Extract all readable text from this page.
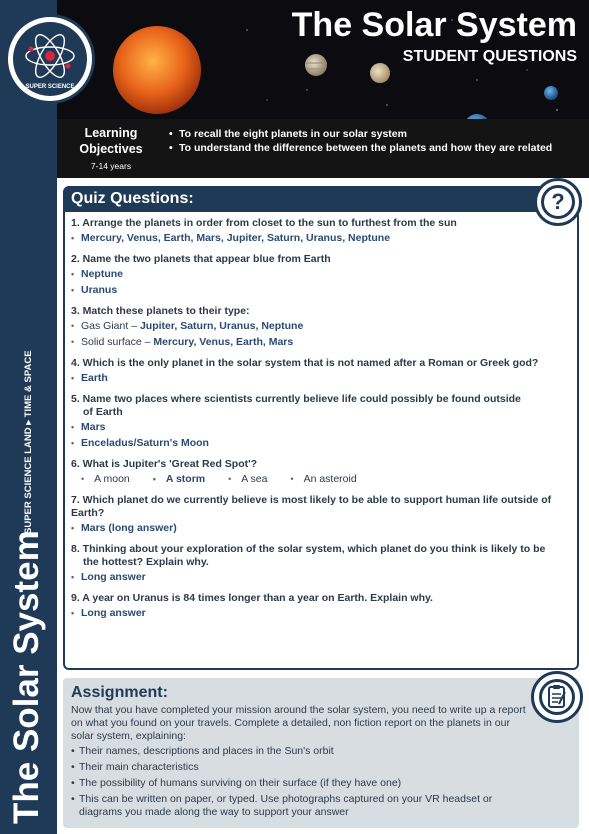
SUPER SCIENCE LAND ▸ TIME & SPACE
The Solar System
The Solar System
STUDENT QUESTIONS
SUPER SCIENCE
Learning
Objectives
7-14 years
• To recall the eight planets in our solar system
• To understand the difference between the planets and how they are related
Quiz Questions:
1. Arrange the planets in order from closet to the sun to furthest from the sun
• Mercury, Venus, Earth, Mars, Jupiter, Saturn, Uranus, Neptune
2. Name the two planets that appear blue from Earth
• Neptune
• Uranus
3. Match these planets to their type:
• Gas Giant – Jupiter, Saturn, Uranus, Neptune
• Solid surface – Mercury, Venus, Earth, Mars
4. Which is the only planet in the solar system that is not named after a Roman or Greek god?
• Earth
5. Name two places where scientists currently believe life could possibly be found outside
of Earth
• Mars
• Enceladus/Saturn's Moon
6. What is Jupiter's 'Great Red Spot'?
• A moon	• A storm	• A sea	• An asteroid
7. Which planet do we currently believe is most likely to be able to support human life outside of
Earth?
• Mars (long answer)
8. Thinking about your exploration of the solar system, which planet do you think is likely to be
the hottest? Explain why.
• Long answer
9. A year on Uranus is 84 times longer than a year on Earth. Explain why.
• Long answer
?
Assignment:
Now that you have completed your mission around the solar system, you need to write up a report on what you found on your travels. Complete a detailed, non fiction report on the planets in our solar system, explaining:
• Their names, descriptions and places in the Sun's orbit
• Their main characteristics
• The possibility of humans surviving on their surface (if they have one)
• This can be written on paper, or typed. Use photographs captured on your VR headset or diagrams you made along the way to support your answer
